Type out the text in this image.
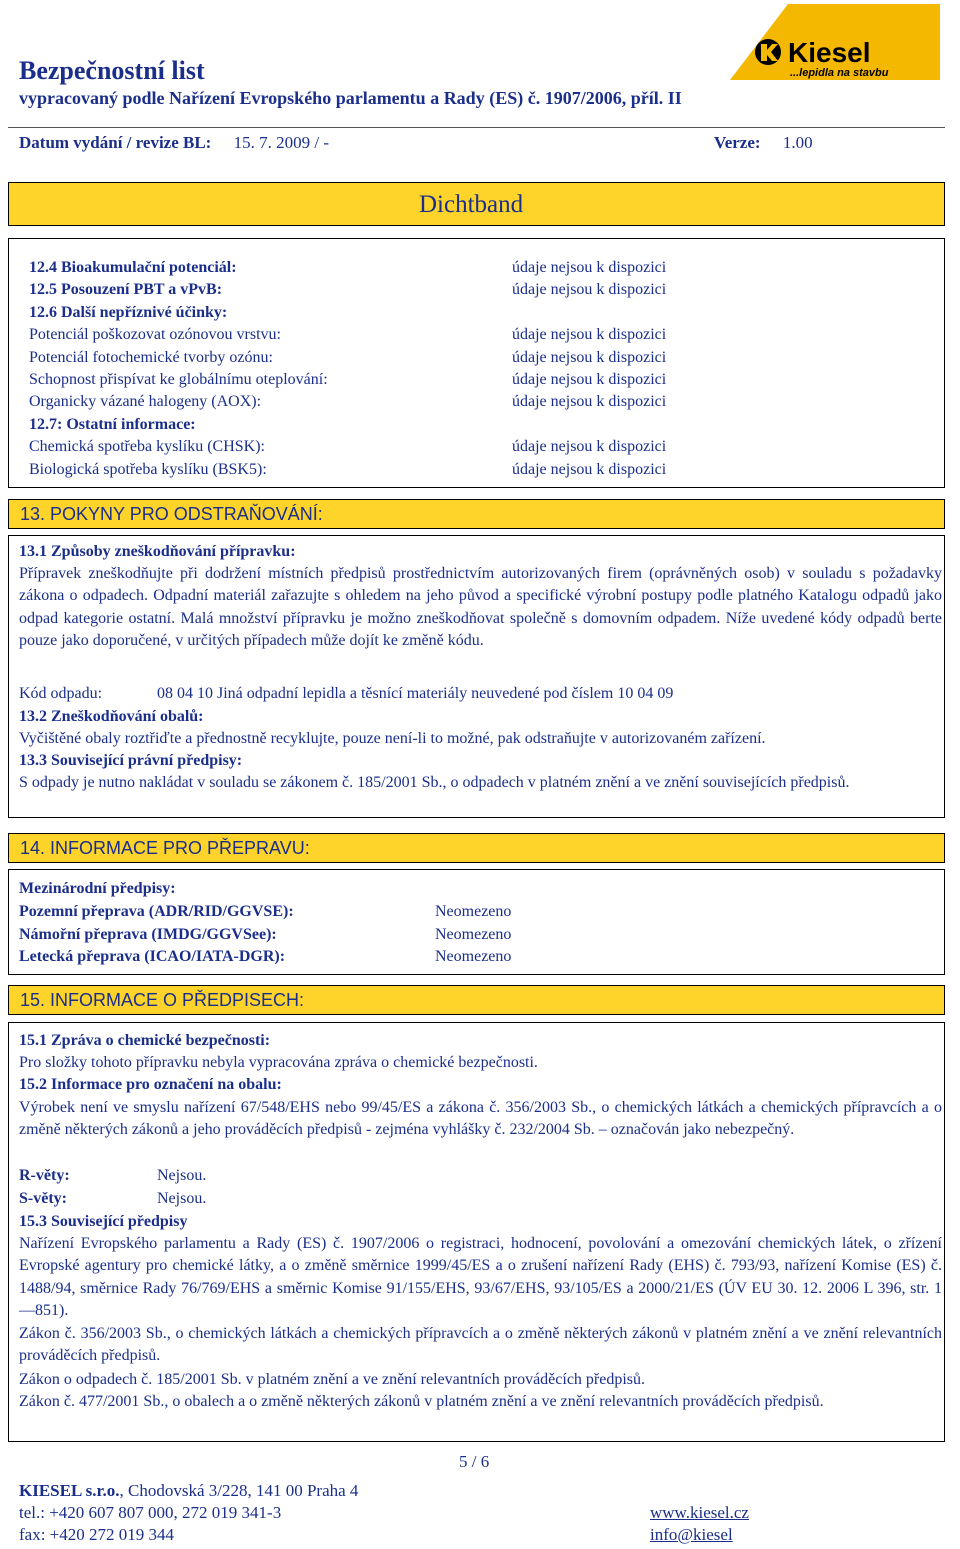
Bezpečnostní list
vypracovaný podle Nařízení Evropského parlamentu a Rady (ES) č. 1907/2006, příl. II
Kiesel
...lepidla na stavbu
Datum vydání / revize BL: 15. 7. 2009 / -	Verze: 1.00
Dichtband
12.4 Bioakumulační potenciál:	údaje nejsou k dispozici
12.5 Posouzení PBT a vPvB:	údaje nejsou k dispozici
12.6 Další nepříznivé účinky:
Potenciál poškozovat ozónovou vrstvu:	údaje nejsou k dispozici
Potenciál fotochemické tvorby ozónu:	údaje nejsou k dispozici
Schopnost přispívat ke globálnímu oteplování:	údaje nejsou k dispozici
Organicky vázané halogeny (AOX):	údaje nejsou k dispozici
12.7: Ostatní informace:
Chemická spotřeba kyslíku (CHSK):	údaje nejsou k dispozici
Biologická spotřeba kyslíku (BSK5):	údaje nejsou k dispozici
13. POKYNY PRO ODSTRAŇOVÁNÍ:
13.1 Způsoby zneškodňování přípravku:
Přípravek zneškodňujte při dodržení místních předpisů prostřednictvím autorizovaných firem (oprávněných osob) v souladu s požadavky zákona o odpadech. Odpadní materiál zařazujte s ohledem na jeho původ a specifické výrobní postupy podle platného Katalogu odpadů jako odpad kategorie ostatní. Malá množství přípravku je možno zneškodňovat společně s domovním odpadem. Níže uvedené kódy odpadů berte pouze jako doporučené, v určitých případech může dojít ke změně kódu.
Kód odpadu:	08 04 10 Jiná odpadní lepidla a těsnící materiály neuvedené pod číslem 10 04 09
13.2 Zneškodňování obalů:
Vyčištěné obaly roztřiďte a přednostně recyklujte, pouze není-li to možné, pak odstraňujte v autorizovaném zařízení.
13.3 Související právní předpisy:
S odpady je nutno nakládat v souladu se zákonem č. 185/2001 Sb., o odpadech v platném znění a ve znění souvisejících předpisů.
14. INFORMACE PRO PŘEPRAVU:
Mezinárodní předpisy:
Pozemní přeprava (ADR/RID/GGVSE):	Neomezeno
Námořní přeprava (IMDG/GGVSee):	Neomezeno
Letecká přeprava (ICAO/IATA-DGR):	Neomezeno
15. INFORMACE O PŘEDPISECH:
15.1 Zpráva o chemické bezpečnosti:
Pro složky tohoto přípravku nebyla vypracována zpráva o chemické bezpečnosti.
15.2 Informace pro označení na obalu:
Výrobek není ve smyslu nařízení 67/548/EHS nebo 99/45/ES a zákona č. 356/2003 Sb., o chemických látkách a chemických přípravcích a o změně některých zákonů a jeho prováděcích předpisů - zejména vyhlášky č. 232/2004 Sb. – označován jako nebezpečný.
R-věty:	Nejsou.
S-věty:	Nejsou.
15.3 Související předpisy
Nařízení Evropského parlamentu a Rady (ES) č. 1907/2006 o registraci, hodnocení, povolování a omezování chemických látek, o zřízení Evropské agentury pro chemické látky, a o změně směrnice 1999/45/ES a o zrušení nařízení Rady (EHS) č. 793/93, nařízení Komise (ES) č. 1488/94, směrnice Rady 76/769/EHS a směrnic Komise 91/155/EHS, 93/67/EHS, 93/105/ES a 2000/21/ES (ÚV EU 30. 12. 2006 L 396, str. 1—851).
Zákon č. 356/2003 Sb., o chemických látkách a chemických přípravcích a o změně některých zákonů v platném znění a ve znění relevantních prováděcích předpisů.
Zákon o odpadech č. 185/2001 Sb. v platném znění a ve znění relevantních prováděcích předpisů.
Zákon č. 477/2001 Sb., o obalech a o změně některých zákonů v platném znění a ve znění relevantních prováděcích předpisů.
5 / 6
KIESEL s.r.o., Chodovská 3/228, 141 00 Praha 4
tel.: +420 607 807 000, 272 019 341-3
fax: +420 272 019 344
www.kiesel.cz
info@kiesel
